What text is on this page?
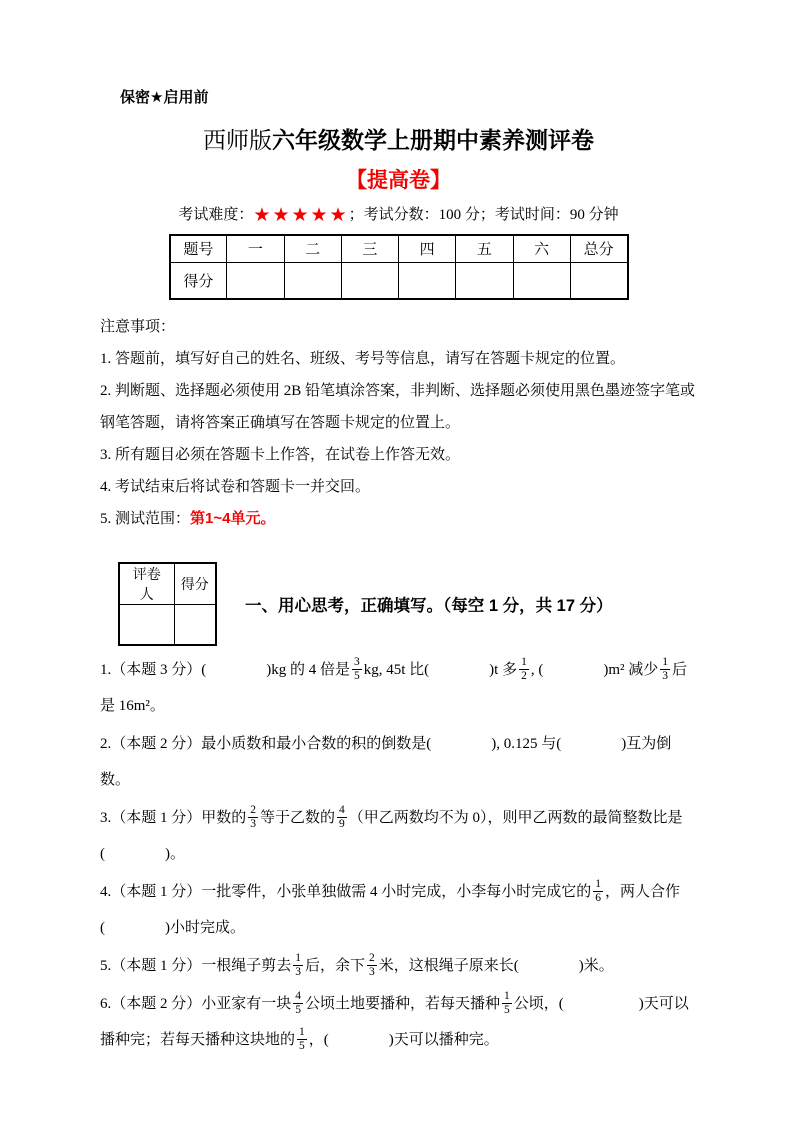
保密★启用前
西师版六年级数学上册期中素养测评卷
【提高卷】
考试难度：★★★★★；考试分数：100 分；考试时间：90 分钟
题号	一	二	三	四	五	六	总分
得分							

注意事项：

1. 答题前，填写好自己的姓名、班级、考号等信息，请写在答题卡规定的位置。

2. 判断题、选择题必须使用 2B 铅笔填涂答案，非判断、选择题必须使用黑色墨迹签字笔或钢笔答题，请将答案正确填写在答题卡规定的位置上。

3. 所有题目必须在答题卡上作答，在试卷上作答无效。

4. 考试结束后将试卷和答题卡一并交回。

5. 测试范围：第1~4单元。

评卷人	得分

一、用心思考，正确填写。（每空 1 分，共 17 分）

1.（本题 3 分）(　　　　)kg 的 4 倍是 $\frac{3}{5}$ kg, 45t 比(　　　　)t 多 $\frac{1}{2}$ , (　　　　)m² 减少 $\frac{1}{3}$ 后是 16m²。

2.（本题 2 分）最小质数和最小合数的积的倒数是(　　　　), 0.125 与(　　　　)互为倒数。

3.（本题 1 分）甲数的 $\frac{2}{3}$ 等于乙数的 $\frac{4}{9}$ （甲乙两数均不为 0），则甲乙两数的最简整数比是(　　　　)。

4.（本题 1 分）一批零件，小张单独做需 4 小时完成，小李每小时完成它的 $\frac{1}{6}$ ，两人合作(　　　　)小时完成。

5.（本题 1 分）一根绳子剪去 $\frac{1}{3}$ 后，余下 $\frac{2}{3}$ 米，这根绳子原来长(　　　　)米。

6.（本题 2 分）小亚家有一块 $\frac{4}{5}$ 公顷土地要播种，若每天播种 $\frac{1}{5}$ 公顷，(　　　　　)天可以播种完；若每天播种这块地的 $\frac{1}{5}$ ，(　　　　)天可以播种完。
